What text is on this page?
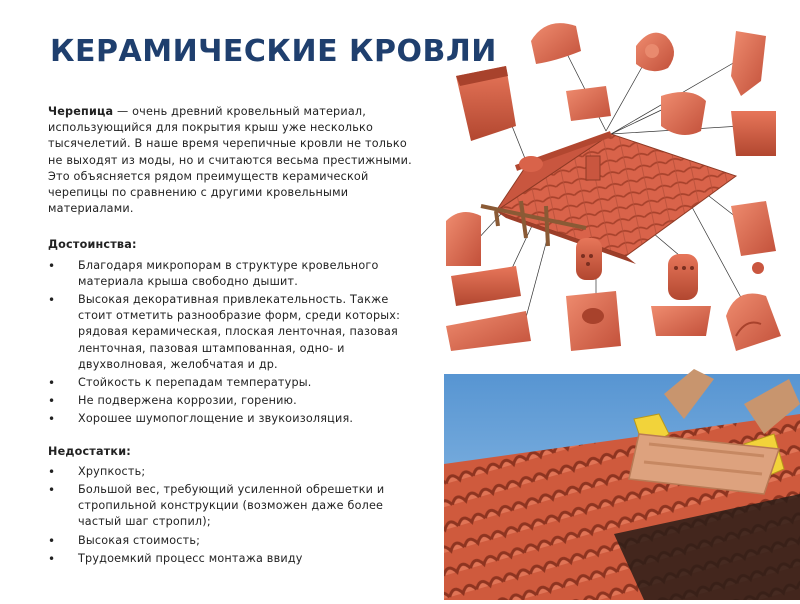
КЕРАМИЧЕСКИЕ КРОВЛИ

Черепица — очень древний кровельный материал, использующийся для покрытия крыш уже несколько тысячелетий. В наше время черепичные кровли не только не выходят из моды, но и считаются весьма престижными. Это объясняется рядом преимуществ керамической черепицы по сравнению с другими кровельными материалами.

Достоинства:

• Благодаря микропорам в структуре кровельного материала крыша свободно дышит.
• Высокая декоративная привлекательность. Также стоит отметить разнообразие форм, среди которых: рядовая керамическая, плоская ленточная, пазовая ленточная, пазовая штампованная, одно- и двухволновая, желобчатая и др.
• Стойкость к перепадам температуры.
• Не подвержена коррозии, горению.
• Хорошее шумопоглощение и звукоизоляция.

Недостатки:

• Хрупкость;
• Большой вес, требующий усиленной обрешетки и стропильной конструкции (возможен даже более частый шаг стропил);
• Высокая стоимость;
• Трудоемкий процесс монтажа ввиду
